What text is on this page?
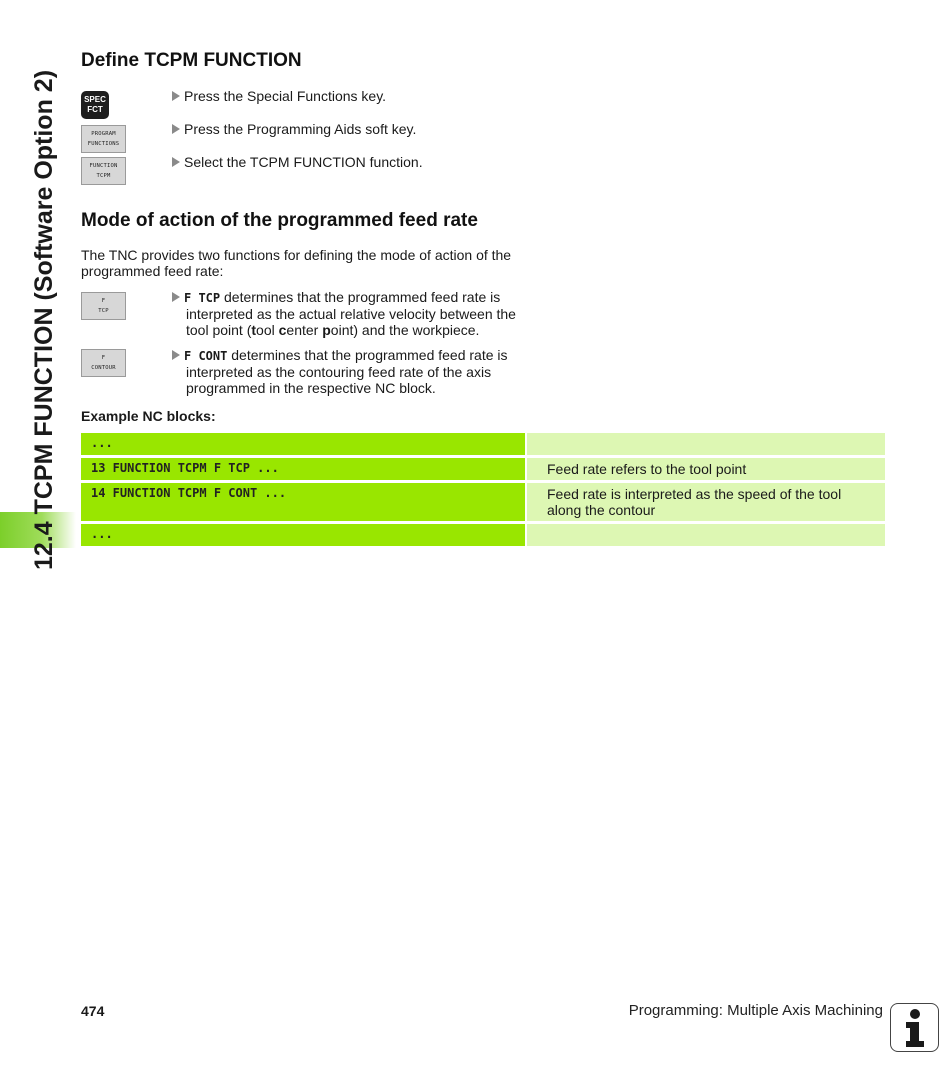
12.4 TCPM FUNCTION (Software Option 2)
Define TCPM FUNCTION
SPEC
FCT
PROGRAM
FUNCTIONS
FUNCTION
TCPM
Press the Special Functions key.
Press the Programming Aids soft key.
Select the TCPM FUNCTION function.
Mode of action of the programmed feed rate
The TNC provides two functions for defining the mode of action of the programmed feed rate:
F
TCP
F
CONTOUR
F TCP determines that the programmed feed rate is interpreted as the actual relative velocity between the tool point (tool center point) and the workpiece.
F CONT determines that the programmed feed rate is interpreted as the contouring feed rate of the axis programmed in the respective NC block.
Example NC blocks:
...
13 FUNCTION TCPM F TCP ...	Feed rate refers to the tool point
14 FUNCTION TCPM F CONT ...	Feed rate is interpreted as the speed of the tool along the contour
...
474	Programming: Multiple Axis Machining
